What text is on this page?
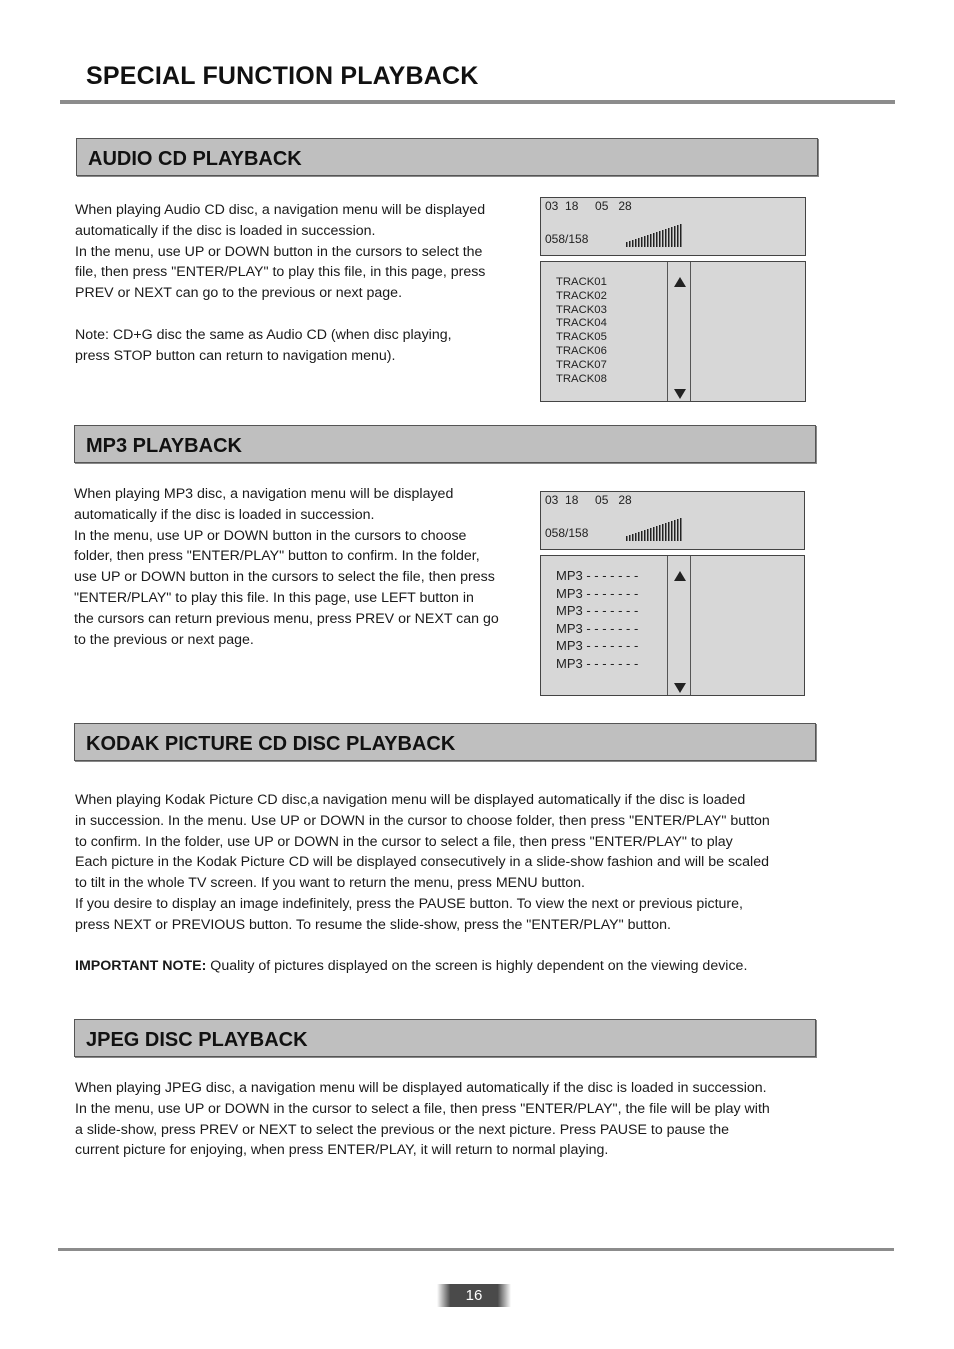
SPECIAL FUNCTION PLAYBACK
AUDIO CD PLAYBACK

When playing Audio CD disc, a navigation menu will be displayed

automatically if the disc is loaded in succession.

In the menu, use UP or DOWN button in the cursors to select the

file, then press "ENTER/PLAY" to play this file, in this page, press

PREV or NEXT can go to the previous or next page.

Note: CD+G disc the same as Audio CD (when disc playing,

press STOP button can return to navigation menu).

03  18     05   28
058/158
TRACK01
TRACK02
TRACK03
TRACK04
TRACK05
TRACK06
TRACK07
TRACK08
MP3 PLAYBACK

When playing MP3 disc, a navigation menu will be displayed

automatically if the disc is loaded in succession.

In the menu, use UP or DOWN button in the cursors to choose

folder, then press "ENTER/PLAY" button to confirm. In the folder,

use UP or DOWN button in the cursors to select the file, then press

"ENTER/PLAY" to play this file. In this page, use LEFT button in

the cursors can return previous menu, press PREV or NEXT can go

to the previous or next page.

03  18     05   28
058/158
MP3 - - - - - - -
MP3 - - - - - - -
MP3 - - - - - - -
MP3 - - - - - - -
MP3 - - - - - - -
MP3 - - - - - - -
KODAK PICTURE CD DISC PLAYBACK

When playing Kodak Picture CD disc,a navigation menu will be displayed automatically if the disc is loaded

in succession. In the menu. Use UP or DOWN in the cursor to choose folder, then press "ENTER/PLAY" button

to confirm. In the folder, use UP or DOWN in the cursor to select a file, then press "ENTER/PLAY" to play

Each picture in the Kodak Picture CD will be displayed consecutively in a slide-show fashion and will be scaled

to tilt in the whole TV screen. If you want to return the menu, press MENU button.

If you desire to display an image indefinitely, press the PAUSE button. To view the next or previous picture,

press NEXT or PREVIOUS button. To resume the slide-show, press the "ENTER/PLAY" button.

IMPORTANT NOTE: Quality of pictures displayed on the screen is highly dependent on the viewing device.

JPEG DISC PLAYBACK

When playing JPEG disc, a navigation menu will be displayed automatically if the disc is loaded in succession.

In the menu, use UP or DOWN in the cursor to select a file, then press "ENTER/PLAY", the file will be play with

a slide-show, press PREV or NEXT to select the previous or the next picture. Press PAUSE to pause the

current picture for enjoying, when press ENTER/PLAY, it will return to normal playing.

16
